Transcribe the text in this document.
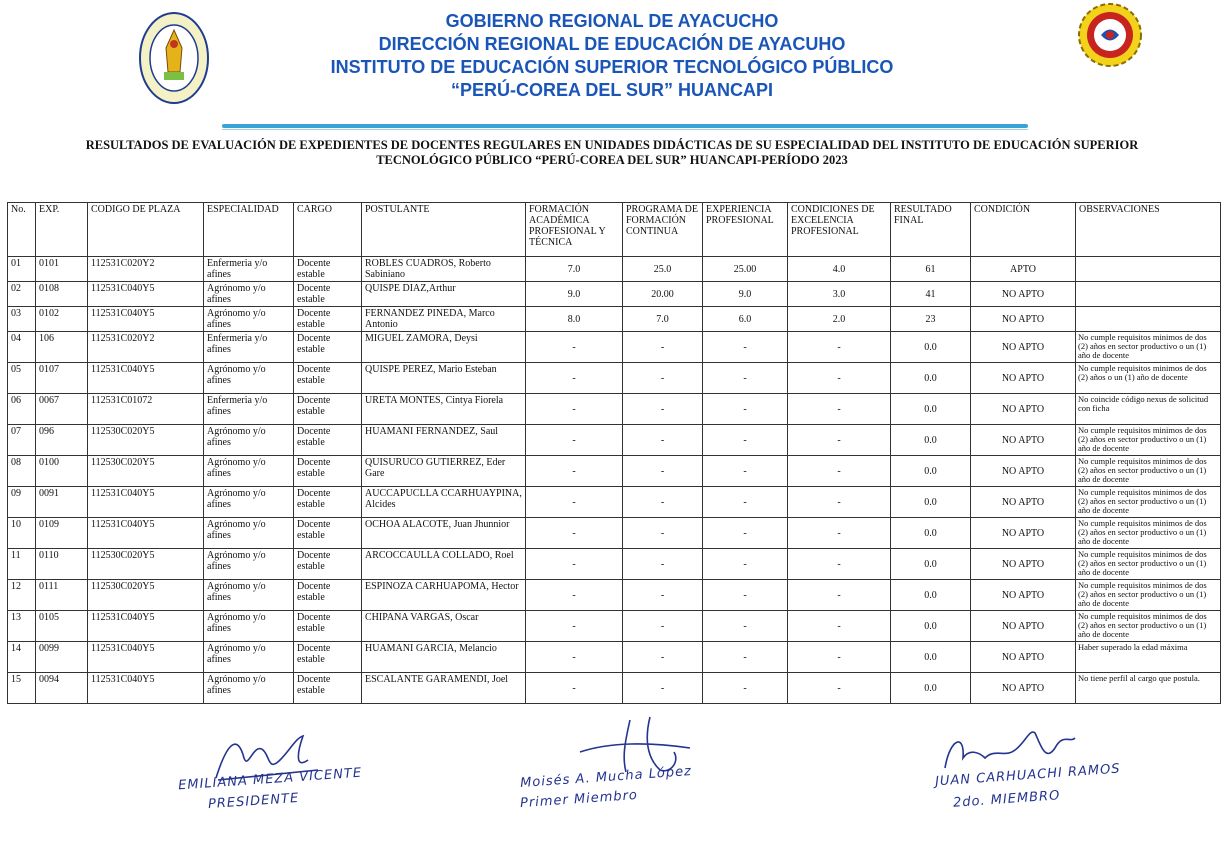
GOBIERNO REGIONAL DE AYACUCHO
DIRECCIÓN REGIONAL DE EDUCACIÓN DE AYACUHO
INSTITUTO DE EDUCACIÓN SUPERIOR TECNOLÓGICO PÚBLICO
“PERÚ-COREA DEL SUR” HUANCAPI
RESULTADOS DE EVALUACIÓN DE EXPEDIENTES DE DOCENTES REGULARES EN UNIDADES DIDÁCTICAS DE SU ESPECIALIDAD DEL INSTITUTO DE EDUCACIÓN SUPERIOR
TECNOLÓGICO PÚBLICO “PERÚ-COREA DEL SUR” HUANCAPI-PERÍODO 2023
No.	EXP.	CODIGO DE PLAZA	ESPECIALIDAD	CARGO	POSTULANTE	FORMACIÓN ACADÉMICA PROFESIONAL Y TÉCNICA	PROGRAMA DE FORMACIÓN CONTINUA	EXPERIENCIA PROFESIONAL	CONDICIONES DE EXCELENCIA PROFESIONAL	RESULTADO FINAL	CONDICIÓN	OBSERVACIONES
01	0101	112531C020Y2	Enfermeria y/o afines	Docente estable	ROBLES CUADROS, Roberto Sabiniano	7.0	25.0	25.00	4.0	61	APTO	
02	0108	112531C040Y5	Agrónomo y/o afines	Docente estable	QUISPE DIAZ,Arthur	9.0	20.00	9.0	3.0	41	NO APTO	
03	0102	112531C040Y5	Agrónomo y/o afines	Docente estable	FERNANDEZ PINEDA, Marco Antonio	8.0	7.0	6.0	2.0	23	NO APTO	
04	106	112531C020Y2	Enfermeria y/o afines	Docente estable	MIGUEL ZAMORA, Deysi	-	-	-	-	0.0	NO APTO	No cumple requisitos minimos de dos (2) años en sector productivo o un (1) año de docente
05	0107	112531C040Y5	Agrónomo y/o afines	Docente estable	QUISPE PEREZ, Mario Esteban	-	-	-	-	0.0	NO APTO	No cumple requisitos minimos de dos (2) años o un (1) año de docente
06	0067	112531C01072	Enfermeria y/o afines	Docente estable	URETA MONTES, Cintya Fiorela	-	-	-	-	0.0	NO APTO	No coincide código nexus de solicitud con ficha
07	096	112530C020Y5	Agrónomo y/o afines	Docente estable	HUAMANI FERNANDEZ, Saul	-	-	-	-	0.0	NO APTO	No cumple requisitos minimos de dos (2) años en sector productivo o un (1) año de docente
08	0100	112530C020Y5	Agrónomo y/o afines	Docente estable	QUISURUCO GUTIERREZ, Eder Gare	-	-	-	-	0.0	NO APTO	No cumple requisitos minimos de dos (2) años en sector productivo o un (1) año de docente
09	0091	112531C040Y5	Agrónomo y/o afines	Docente estable	AUCCAPUCLLA CCARHUAYPINA, Alcides	-	-	-	-	0.0	NO APTO	No cumple requisitos minimos de dos (2) años en sector productivo o un (1) año de docente
10	0109	112531C040Y5	Agrónomo y/o afines	Docente estable	OCHOA ALACOTE, Juan Jhunnior	-	-	-	-	0.0	NO APTO	No cumple requisitos minimos de dos (2) años en sector productivo o un (1) año de docente
11	0110	112530C020Y5	Agrónomo y/o afines	Docente estable	ARCOCCAULLA COLLADO, Roel	-	-	-	-	0.0	NO APTO	No cumple requisitos minimos de dos (2) años en sector productivo o un (1) año de docente
12	0111	112530C020Y5	Agrónomo y/o afines	Docente estable	ESPINOZA CARHUAPOMA, Hector	-	-	-	-	0.0	NO APTO	No cumple requisitos minimos de dos (2) años en sector productivo o un (1) año de docente
13	0105	112531C040Y5	Agrónomo y/o afines	Docente estable	CHIPANA VARGAS, Oscar	-	-	-	-	0.0	NO APTO	No cumple requisitos minimos de dos (2) años en sector productivo o un (1) año de docente
14	0099	112531C040Y5	Agrónomo y/o afines	Docente estable	HUAMANI GARCIA, Melancio	-	-	-	-	0.0	NO APTO	Haber superado la edad máxima
15	0094	112531C040Y5	Agrónomo y/o afines	Docente estable	ESCALANTE GARAMENDI, Joel	-	-	-	-	0.0	NO APTO	No tiene perfil al cargo que postula.
EMILIANA MEZA VICENTE
PRESIDENTE
Moisés A. Mucha López
Primer Miembro
JUAN CARHUACHI RAMOS
2do. MIEMBRO
